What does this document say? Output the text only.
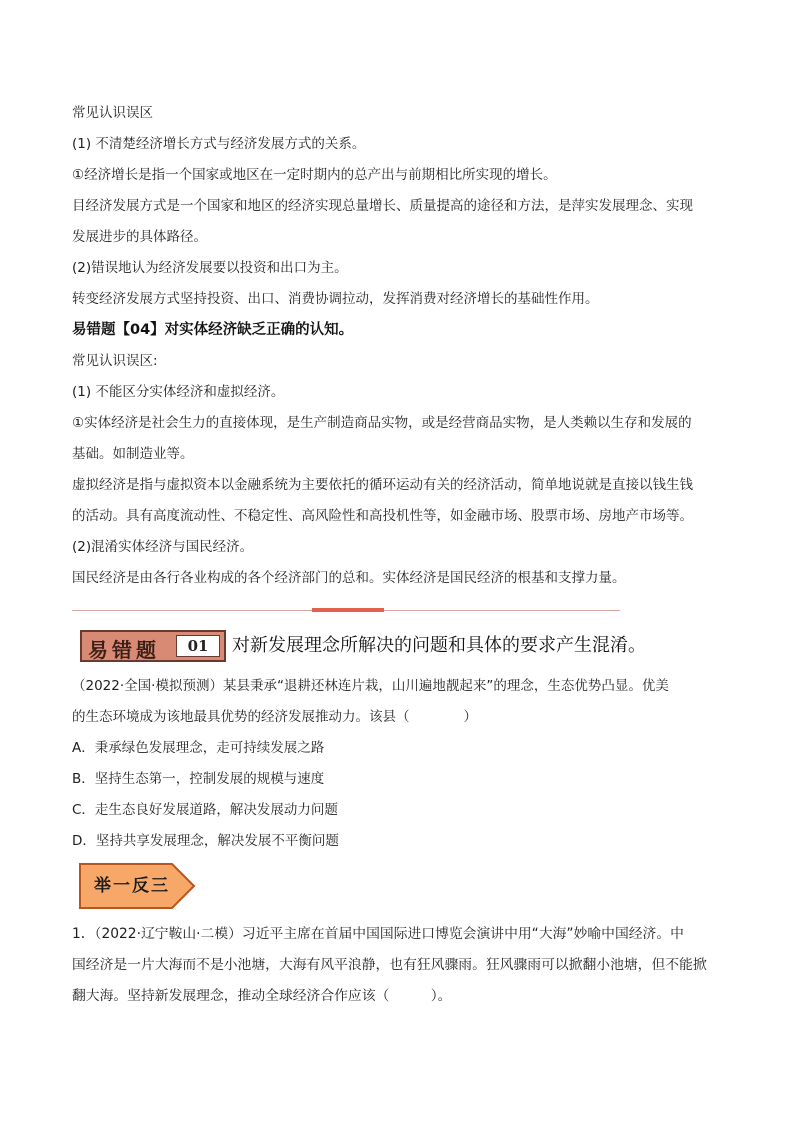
常见认识误区
(1) 不清楚经济增长方式与经济发展方式的关系。
①经济增长是指一个国家或地区在一定时期内的总产出与前期相比所实现的增长。
目经济发展方式是一个国家和地区的经济实现总量增长、质量提高的途径和方法，是萍实发展理念、实现
发展进步的具体路径。
(2)错误地认为经济发展要以投资和出口为主。
转变经济发展方式坚持投资、出口、消费协调拉动，发挥消费对经济增长的基础性作用。
易错题【04】对实体经济缺乏正确的认知。
常见认识误区:
(1) 不能区分实体经济和虚拟经济。
①实体经济是社会生力的直接体现，是生产制造商品实物，或是经营商品实物，是人类赖以生存和发展的
基础。如制造业等。
虚拟经济是指与虚拟资本以金融系统为主要依托的循环运动有关的经济活动，简单地说就是直接以钱生钱
的活动。具有高度流动性、不稳定性、高风险性和高投机性等，如金融市场、股票市场、房地产市场等。
(2)混淆实体经济与国民经济。
国民经济是由各行各业构成的各个经济部门的总和。实体经济是国民经济的根基和支撑力量。
易错题	01	对新发展理念所解决的问题和具体的要求产生混淆。
（2022·全国·模拟预测）某县秉承“退耕还林连片栽，山川遍地靓起来”的理念，生态优势凸显。优美
的生态环境成为该地最具优势的经济发展推动力。该县（　　　　）
A．秉承绿色发展理念，走可持续发展之路
B．坚持生态第一，控制发展的规模与速度
C．走生态良好发展道路，解决发展动力问题
D．坚持共享发展理念，解决发展不平衡问题
举一反三
1．（2022·辽宁鞍山·二模）习近平主席在首届中国国际进口博览会演讲中用“大海”妙喻中国经济。中
国经济是一片大海而不是小池塘，大海有风平浪静，也有狂风骤雨。狂风骤雨可以掀翻小池塘，但不能掀
翻大海。坚持新发展理念，推动全球经济合作应该（　　　）。
